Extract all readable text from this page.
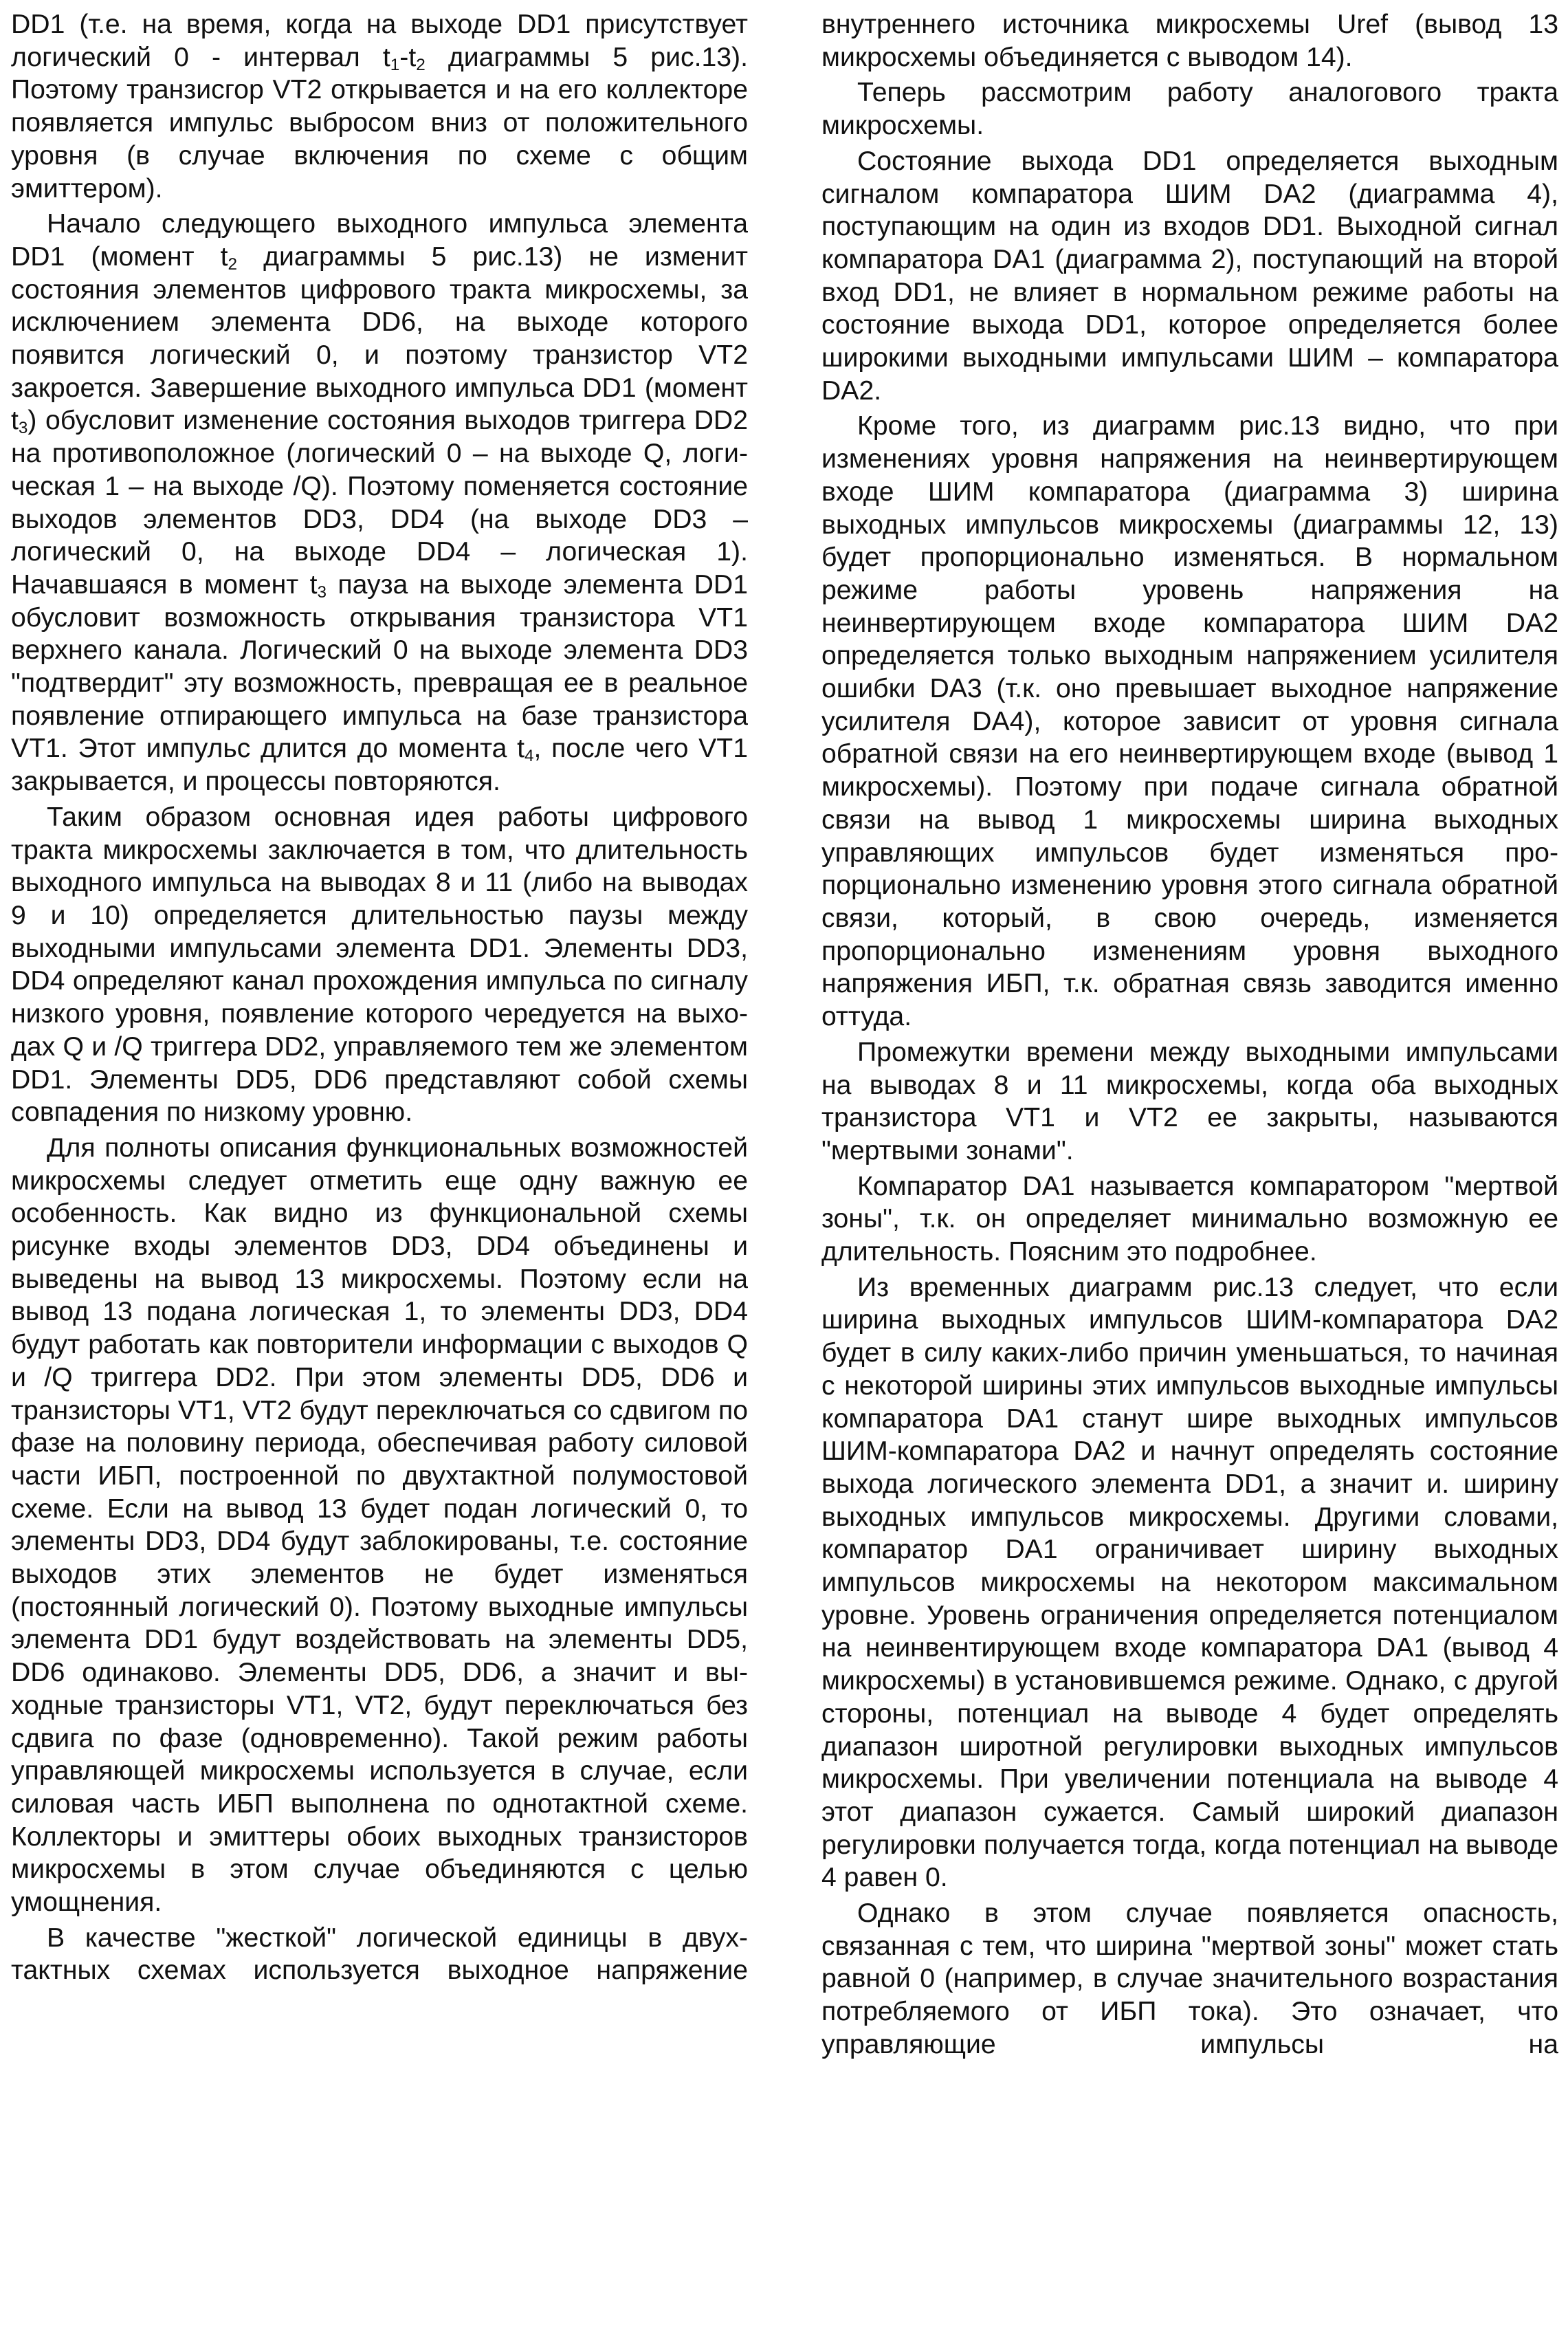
DD1 (т.е. на время, когда на выходе DD1 присутствует логический 0 - интервал $t_1-t_2$ диаграммы 5 рис.13). Поэтому транзисгор VT2 открывается и на его коллекторе появляется импульс выбросом вниз от положительного уровня (в случае включения по схеме с общим эмиттером).

Начало следующего выходного импульса элемента DD1 (момент $t_2$ диаграммы 5 рис.13) не изменит состояния элементов цифрового тракта микросхемы, за исключением элемента DD6, на выходе которого появится логический 0, и поэтому транзистор VT2 закроется. Завершение выходного импульса DD1 (момент $t_3$) обусловит изменение состояния выходов триггера DD2 на противоположное (логический 0 – на выходе Q, логическая 1 – на выходе /Q). Поэтому поменяется состояние выходов элементов DD3, DD4 (на выходе DD3 – логический 0, на выходе DD4 – логическая 1). Начавшаяся в момент $t_3$ пауза на выходе элемента DD1 обусловит возможность открывания транзистора VT1 верхнего канала. Логический 0 на выходе элемента DD3 "подтвердит" эту возможность, превращая ее в реальное появление отпирающего импульса на базе транзистора VT1. Этот импульс длится до момента $t_4$, после чего VT1 закрывается, и процессы повторяются.

Таким образом основная идея работы цифрового тракта микросхемы заключается в том, что длительность выходного импульса на выводах 8 и 11 (либо на выводах 9 и 10) определяется длительностью паузы между выходными импульсами элемента DD1. Элементы DD3, DD4 определяют канал прохождения импульса по сигналу низкого уровня, появление которого чередуется на выходах Q и /Q триггера DD2, управляемого тем же элементом DD1. Элементы DD5, DD6 представляют собой схемы совпадения по низкому уровню.

Для полноты описания функциональных возможностей микросхемы следует отметить еще одну важную ее особенность. Как видно из функциональной схемы рисунке входы элементов DD3, DD4 объединены и выведены на вывод 13 микросхемы. Поэтому если на вывод 13 подана логическая 1, то элементы DD3, DD4 будут работать как повторители информации с выходов Q и /Q триггера DD2. При этом элементы DD5, DD6 и транзисторы VT1, VT2 будут переключаться со сдвигом по фазе на половину периода, обеспечивая работу силовой части ИБП, построенной по двухтактной полумостовой схеме. Если на вывод 13 будет подан логический 0, то элементы DD3, DD4 будут заблокированы, т.е. состояние выходов этих элементов не будет изменяться (постоянный логический 0). Поэтому выходные импульсы элемента DD1 будут воздействовать на элементы DD5, DD6 одинаково. Элементы DD5, DD6, а значит и выходные транзисторы VT1, VT2, будут переключаться без сдвига по фазе (одновременно). Такой режим работы управляющей микросхемы используется в случае, если силовая часть ИБП выполнена по однотактной схеме. Коллекторы и эмиттеры обоих выходных транзисторов микросхемы в этом случае объединяются с целью умощнения.

В качестве "жесткой" логической единицы в двухтактных схемах используется выходное напряжение

внутреннего источника микросхемы Uref (вывод 13 микросхемы объединяется с выводом 14).

Теперь рассмотрим работу аналогового тракта микросхемы.

Состояние выхода DD1 определяется выходным сигналом компаратора ШИМ DA2 (диаграмма 4), поступающим на один из входов DD1. Выходной сигнал компаратора DA1 (диаграмма 2), поступающий на второй вход DD1, не влияет в нормальном режиме работы на состояние выхода DD1, которое определяется более широкими выходными импульсами ШИМ – компаратора DA2.

Кроме того, из диаграмм рис.13 видно, что при изменениях уровня напряжения на неинвертирующем входе ШИМ компаратора (диаграмма 3) ширина выходных импульсов микросхемы (диаграммы 12, 13) будет пропорционально изменяться. В нормальном режиме работы уровень напряжения на неинвертирующем входе компаратора ШИМ DA2 определяется только выходным напряжением усилителя ошибки DA3 (т.к. оно превышает выходное напряжение усилителя DA4), которое зависит от уровня сигнала обратной связи на его неинвертирующем входе (вывод 1 микросхемы). Поэтому при подаче сигнала обратной связи на вывод 1 микросхемы ширина выходных управляющих импульсов будет изменяться пропорционально изменению уровня этого сигнала обратной связи, который, в свою очередь, изменяется пропорционально изменениям уровня выходного напряжения ИБП, т.к. обратная связь заводится именно оттуда.

Промежутки времени между выходными импульсами на выводах 8 и 11 микросхемы, когда оба выходных транзистора VT1 и VT2 ее закрыты, называются "мертвыми зонами".

Компаратор DA1 называется компаратором "мертвой зоны", т.к. он определяет минимально возможную ее длительность. Поясним это подробнее.

Из временных диаграмм рис.13 следует, что если ширина выходных импульсов ШИМ-компаратора DA2 будет в силу каких-либо причин уменьшаться, то начиная с некоторой ширины этих импульсов выходные импульсы компаратора DA1 станут шире выходных импульсов ШИМ-компаратора DA2 и начнут определять состояние выхода логического элемента DD1, а значит и. ширину выходных импульсов микросхемы. Другими словами, компаратор DA1 ограничивает ширину выходных импульсов микросхемы на некотором максимальном уровне. Уровень ограничения определяется потенциалом на неинвентирующем входе компаратора DA1 (вывод 4 микросхемы) в установившемся режиме. Однако, с другой стороны, потенциал на выводе 4 будет определять диапазон широтной регулировки выходных импульсов микросхемы. При увеличении потенциала на выводе 4 этот диапазон сужается. Самый широкий диапазон регулировки получается тогда, когда потенциал на выводе 4 равен 0.

Однако в этом случае появляется опасность, связанная с тем, что ширина "мертвой зоны" может стать равной 0 (например, в случае значительного возрастания потребляемого от ИБП тока). Это означает, что управляющие импульсы на
